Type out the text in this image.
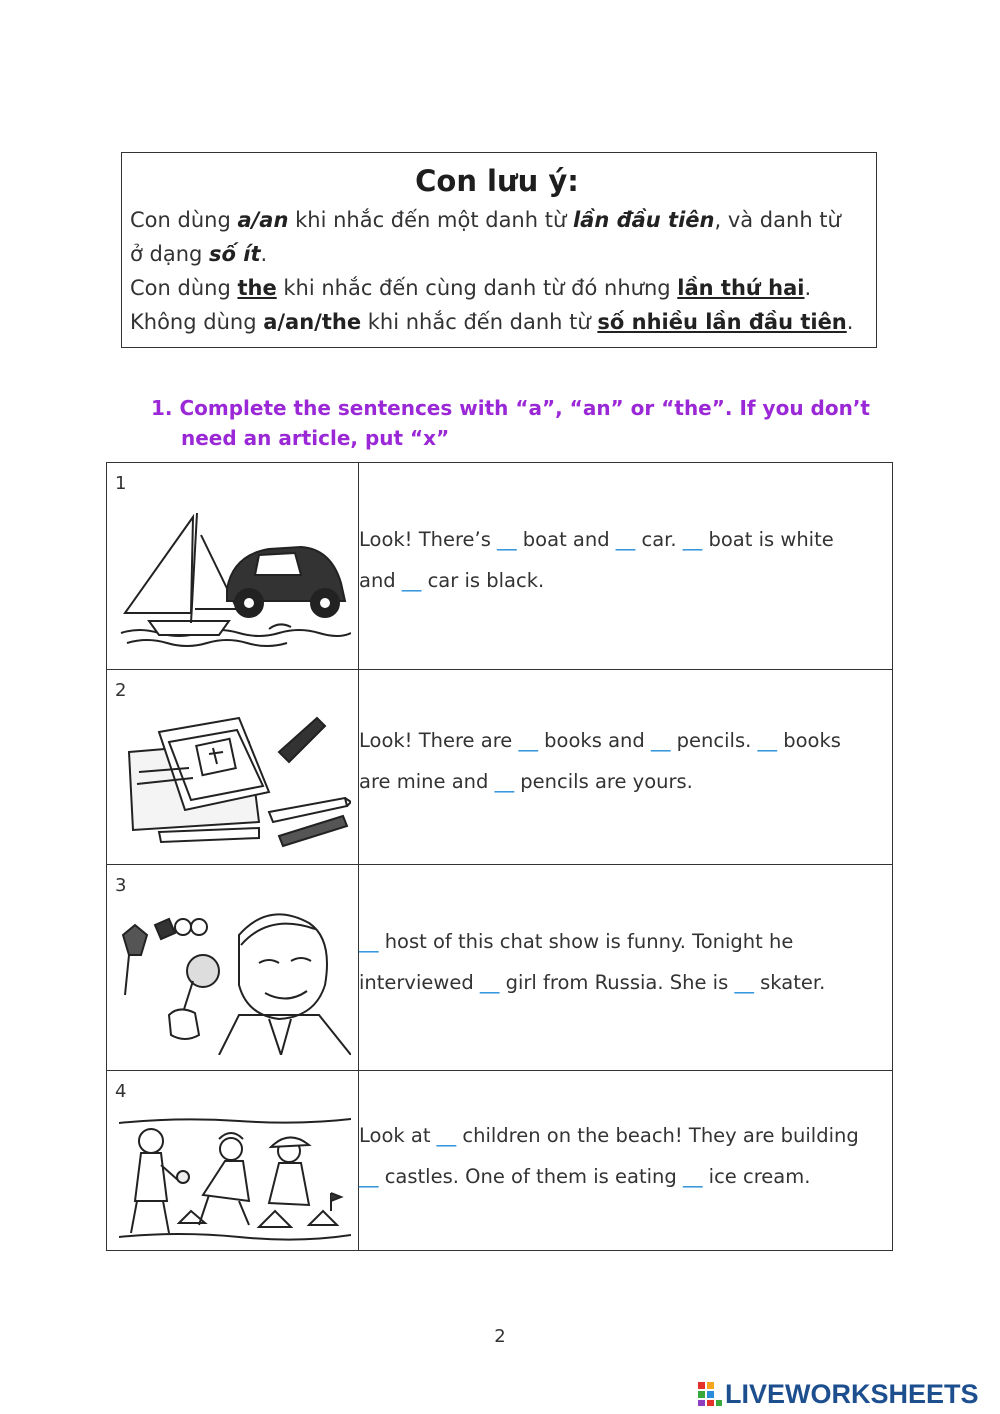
Con lưu ý:
Con dùng a/an khi nhắc đến một danh từ lần đầu tiên, và danh từ
ở dạng số ít.
Con dùng the khi nhắc đến cùng danh từ đó nhưng lần thứ hai.
Không dùng a/an/the khi nhắc đến danh từ số nhiều lần đầu tiên.
1. Complete the sentences with “a”, “an” or “the”. If you don’t
need an article, put “x”
1	Look! There’s __ boat and __ car. __ boat is white
and __ car is black.

2	Look! There are __ books and __ pencils. __ books
are mine and __ pencils are yours.

3	__ host of this chat show is funny. Tonight he
interviewed __ girl from Russia. She is __ skater.

4	Look at __ children on the beach! They are building
__ castles. One of them is eating __ ice cream.
2
LIVEWORKSHEETS
